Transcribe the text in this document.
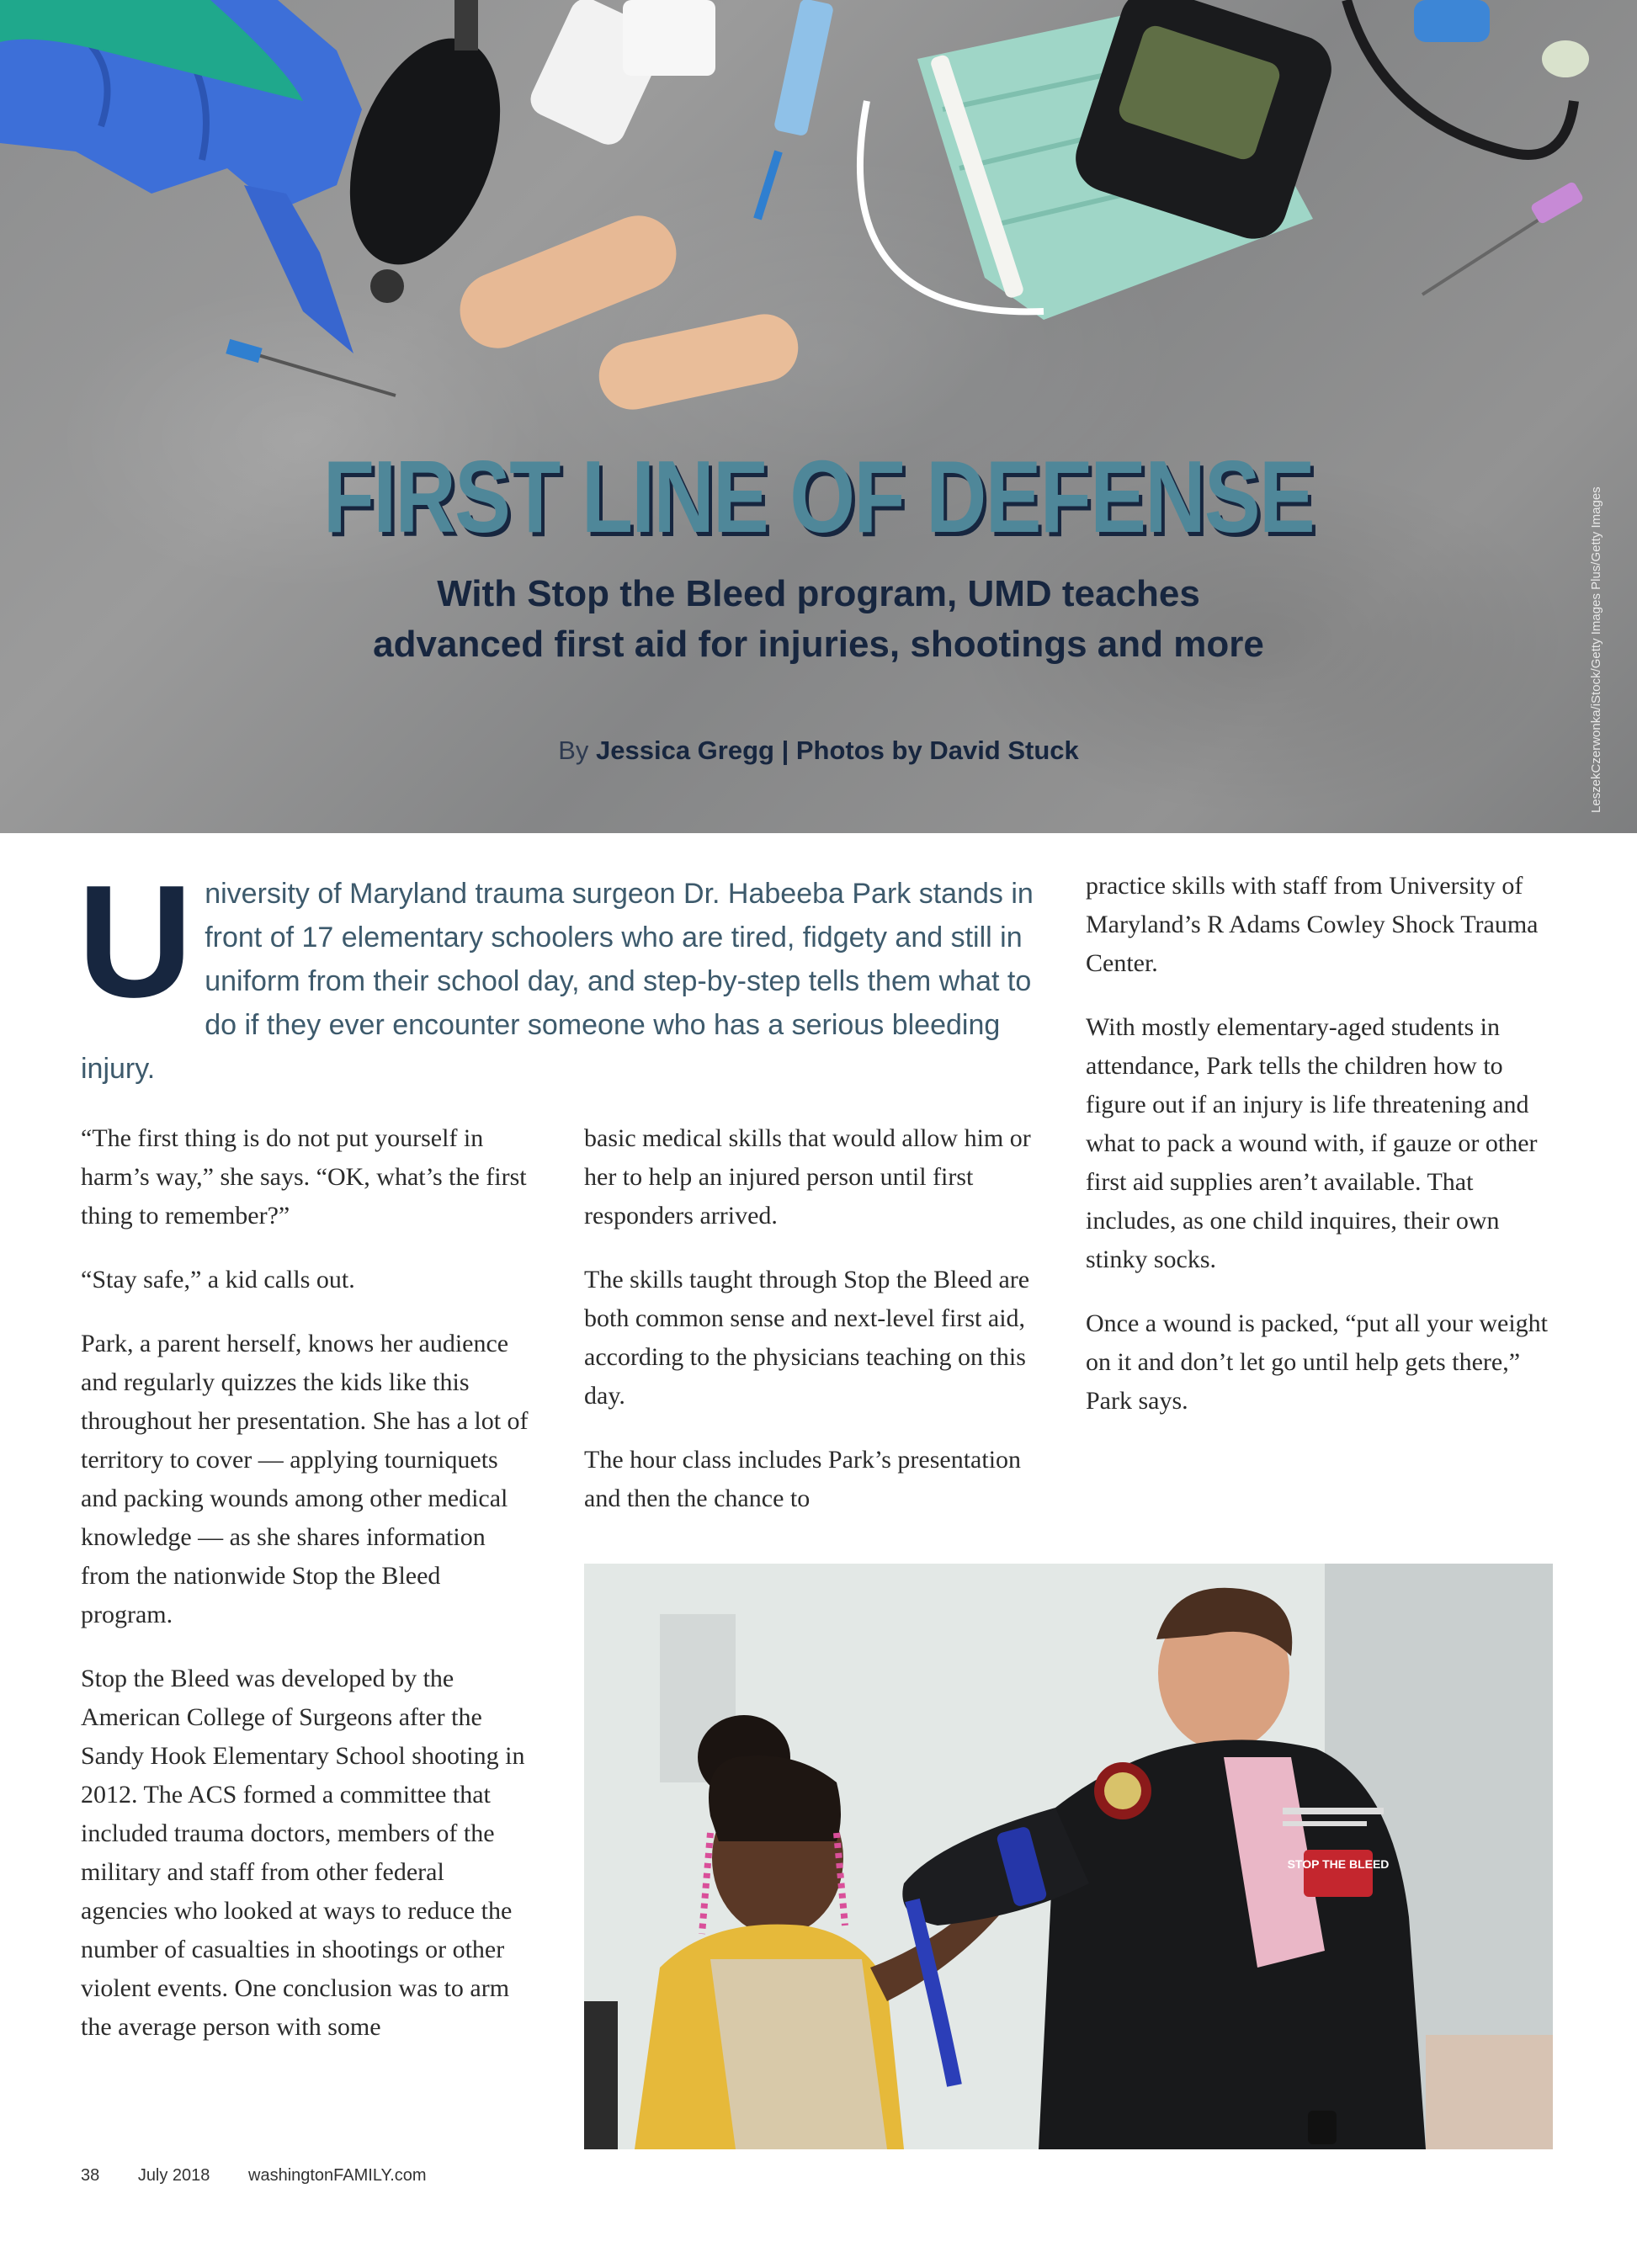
FIRST LINE OF DEFENSE
With Stop the Bleed program, UMD teaches
advanced first aid for injuries, shootings and more
By Jessica Gregg | Photos by David Stuck	LeszekCzerwonka/iStock/Getty Images Plus/Getty Images
U niversity of Maryland trauma surgeon Dr. Habeeba Park stands in front of 17 elementary schoolers who are tired, fidgety and still in uniform from their school day, and step-by-step tells them what to do if they ever encounter someone who has a serious bleeding injury.

“The first thing is do not put yourself in harm’s way,” she says. “OK, what’s the first thing to remember?”

“Stay safe,” a kid calls out.

Park, a parent herself, knows her audience and regularly quizzes the kids like this throughout her presentation. She has a lot of territory to cover — applying tourniquets and packing wounds among other medical knowledge — as she shares information from the nationwide Stop the Bleed program.

Stop the Bleed was developed by the American College of Surgeons after the Sandy Hook Elementary School shooting in 2012. The ACS formed a committee that included trauma doctors, members of the military and staff from other federal agencies who looked at ways to reduce the number of casualties in shootings or other violent events. One conclusion was to arm the average person with some

basic medical skills that would allow him or her to help an injured person until first responders arrived.

The skills taught through Stop the Bleed are both common sense and next-level first aid, according to the physicians teaching on this day.

The hour class includes Park’s presentation and then the chance to

practice skills with staff from University of Maryland’s R Adams Cowley Shock Trauma Center.

With mostly elementary-aged students in attendance, Park tells the children how to figure out if an injury is life threatening and what to pack a wound with, if gauze or other first aid supplies aren’t available. That includes, as one child inquires, their own stinky socks.

Once a wound is packed, “put all your weight on it and don’t let go until help gets there,” Park says.

STOP THE BLEED
38 July 2018 washingtonFAMILY.com
